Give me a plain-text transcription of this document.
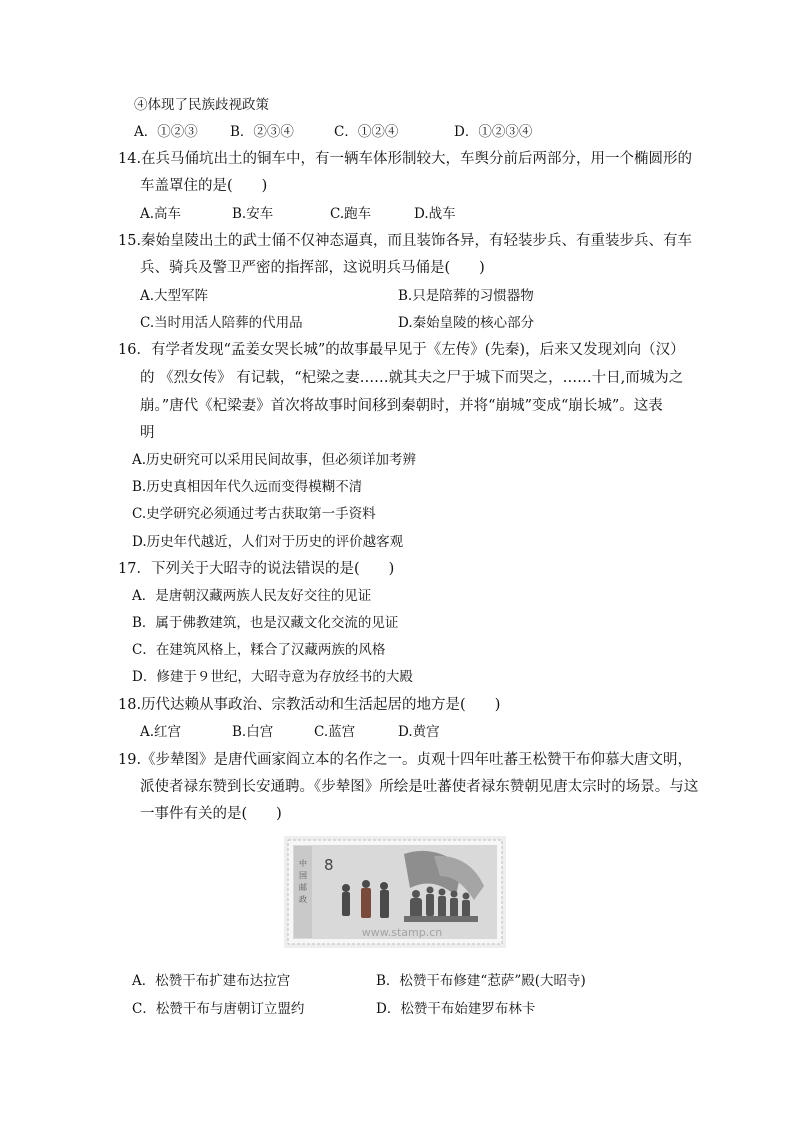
④体现了民族歧视政策
A．①②③ B．②③④	C．①②④	D．①②③④
14.在兵马俑坑出土的铜车中，有一辆车体形制较大，车舆分前后两部分，用一个椭圆形的
车盖罩住的是(　　)
A.高车	B.安车	C.跑车	D.战车
15.秦始皇陵出土的武士俑不仅神态逼真，而且装饰各异，有轻装步兵、有重装步兵、有车
兵、骑兵及警卫严密的指挥部，这说明兵马俑是(　　)
A.大型军阵	B.只是陪葬的习惯器物
C.当时用活人陪葬的代用品	D.秦始皇陵的核心部分
16．有学者发现“孟姜女哭长城”的故事最早见于《左传》(先秦)，后来又发现刘向（汉）
的 《烈女传》 有记载，“杞梁之妻……就其夫之尸于城下而哭之，……十日,而城为之
崩。”唐代《杞梁妻》首次将故事时间移到秦朝时，并将“崩城”变成“崩长城”。这表
明
A.历史研究可以采用民间故事，但必须详加考辨
B.历史真相因年代久远而变得模糊不清
C.史学研究必须通过考古获取第一手资料
D.历史年代越近，人们对于历史的评价越客观
17．下列关于大昭寺的说法错误的是(　　)
A．是唐朝汉藏两族人民友好交往的见证
B．属于佛教建筑，也是汉藏文化交流的见证
C．在建筑风格上，糅合了汉藏两族的风格
D．修建于９世纪，大昭寺意为存放经书的大殿
18.历代达赖从事政治、宗教活动和生活起居的地方是(　　)
A.红宫	B.白宫	C.蓝宫	D.黄宫
19.《步辇图》是唐代画家阎立本的名作之一。贞观十四年吐蕃王松赞干布仰慕大唐文明，
派使者禄东赞到长安通聘。《步辇图》所绘是吐蕃使者禄东赞朝见唐太宗时的场景。与这
一事件有关的是(　　)
中
国
邮
政
8
www.stamp.cn
A．松赞干布扩建布达拉宫	B．松赞干布修建“惹萨”殿(大昭寺)
C．松赞干布与唐朝订立盟约	D．松赞干布始建罗布林卡
